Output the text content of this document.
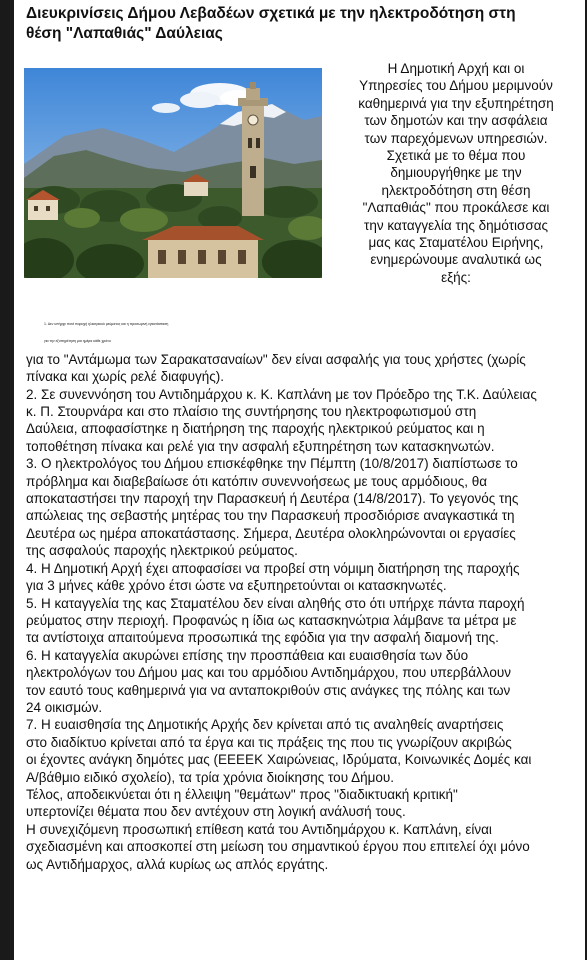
Διευκρινίσεις Δήμου Λεβαδέων σχετικά με την ηλεκτροδότηση στη
θέση "Λαπαθιάς" Δαύλειας
Η Δημοτική Αρχή και οι
Υπηρεσίες του Δήμου μεριμνούν
καθημερινά για την εξυπηρέτηση
των δημοτών και την ασφάλεια
των παρεχόμενων υπηρεσιών.
Σχετικά με το θέμα που
δημιουργήθηκε με την
ηλεκτροδότηση στη θέση
"Λαπαθιάς" που προκάλεσε και
την καταγγελία της δημότισσας
μας κας Σταματέλου Ειρήνης,
ενημερώνουμε αναλυτικά ως
εξής:
1. Δεν υπήρχε ποτέ παροχή ηλεκτρικού ρεύματος και η προσωρινή εγκατάσταση
για την εξυπηρέτηση μια ημέρα κάθε χρόνο
για το "Αντάμωμα των Σαρακατσαναίων" δεν είναι ασφαλής για τους χρήστες (χωρίς
πίνακα και χωρίς ρελέ διαφυγής).
2. Σε συνεννόηση του Αντιδημάρχου κ. Κ. Καπλάνη με τον Πρόεδρο της Τ.Κ. Δαύλειας
κ. Π. Στουρνάρα και στο πλαίσιο της συντήρησης του ηλεκτροφωτισμού στη
Δαύλεια, αποφασίστηκε η διατήρηση της παροχής ηλεκτρικού ρεύματος και η
τοποθέτηση πίνακα και ρελέ για την ασφαλή εξυπηρέτηση των κατασκηνωτών.
3. Ο ηλεκτρολόγος του Δήμου επισκέφθηκε την Πέμπτη (10/8/2017) διαπίστωσε το
πρόβλημα και διαβεβαίωσε ότι κατόπιν συνεννοήσεως με τους αρμόδιους, θα
αποκαταστήσει την παροχή την Παρασκευή ή Δευτέρα (14/8/2017). Το γεγονός της
απώλειας της σεβαστής μητέρας του την Παρασκευή προσδιόρισε αναγκαστικά τη
Δευτέρα ως ημέρα αποκατάστασης. Σήμερα, Δευτέρα ολοκληρώνονται οι εργασίες
της ασφαλούς παροχής ηλεκτρικού ρεύματος.
4. Η Δημοτική Αρχή έχει αποφασίσει να προβεί στη νόμιμη διατήρηση της παροχής
για 3 μήνες κάθε χρόνο έτσι ώστε να εξυπηρετούνται οι κατασκηνωτές.
5. Η καταγγελία της κας Σταματέλου δεν είναι αληθής στο ότι υπήρχε πάντα παροχή
ρεύματος στην περιοχή. Προφανώς η ίδια ως κατασκηνώτρια λάμβανε τα μέτρα με
τα αντίστοιχα απαιτούμενα προσωπικά της εφόδια για την ασφαλή διαμονή της.
6. Η καταγγελία ακυρώνει επίσης την προσπάθεια και ευαισθησία των δύο
ηλεκτρολόγων του Δήμου μας και του αρμόδιου Αντιδημάρχου, που υπερβάλλουν
τον εαυτό τους καθημερινά για να ανταποκριθούν στις ανάγκες της πόλης και των
24 οικισμών.
7. Η ευαισθησία της Δημοτικής Αρχής δεν κρίνεται από τις αναληθείς αναρτήσεις
στο διαδίκτυο κρίνεται από τα έργα και τις πράξεις της που τις γνωρίζουν ακριβώς
οι έχοντες ανάγκη δημότες μας (ΕΕΕΕΚ Χαιρώνειας, Ιδρύματα, Κοινωνικές Δομές και
Α/βάθμιο ειδικό σχολείο), τα τρία χρόνια διοίκησης του Δήμου.
Τέλος, αποδεικνύεται ότι η έλλειψη "θεμάτων" προς "διαδικτυακή κριτική"
υπερτονίζει θέματα που δεν αντέχουν στη λογική ανάλυσή τους.
Η συνεχιζόμενη προσωπική επίθεση κατά του Αντιδημάρχου κ. Καπλάνη, είναι
σχεδιασμένη και αποσκοπεί στη μείωση του σημαντικού έργου που επιτελεί όχι μόνο
ως Αντιδήμαρχος, αλλά κυρίως ως απλός εργάτης.
